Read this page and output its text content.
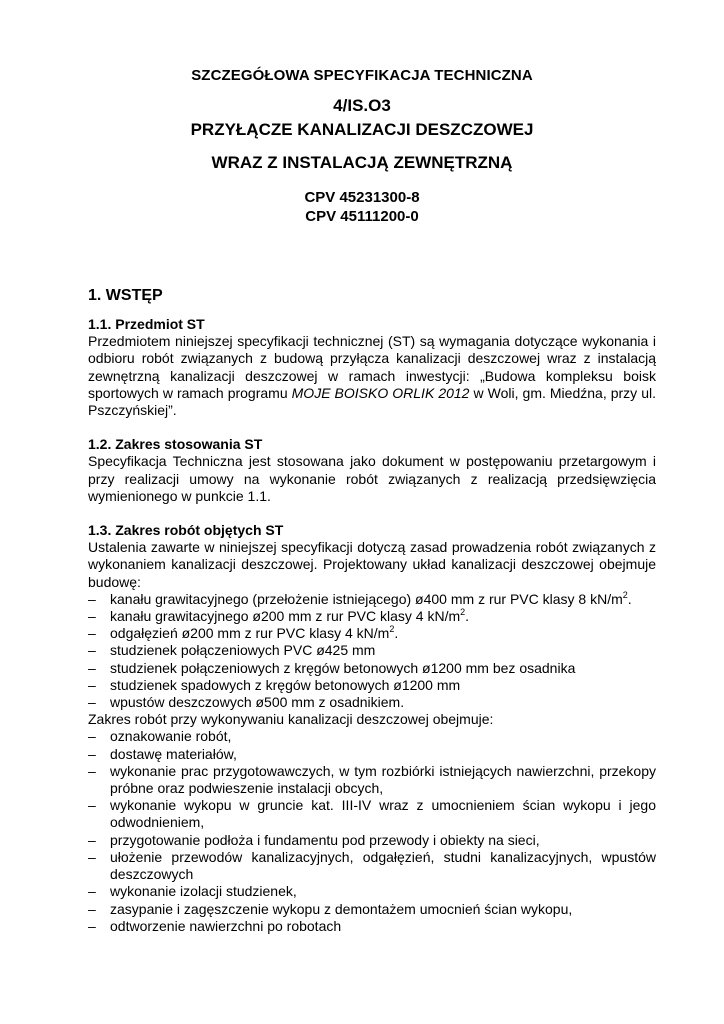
SZCZEGÓŁOWA SPECYFIKACJA TECHNICZNA
4/IS.O3
PRZYŁĄCZE KANALIZACJI DESZCZOWEJ
WRAZ Z INSTALACJĄ ZEWNĘTRZNĄ
CPV 45231300-8
CPV 45111200-0
1. WSTĘP
1.1. Przedmiot ST

Przedmiotem niniejszej specyfikacji technicznej (ST) są wymagania dotyczące wykonania i odbioru robót związanych z budową przyłącza kanalizacji deszczowej wraz z instalacją zewnętrzną kanalizacji deszczowej w ramach inwestycji: „Budowa kompleksu boisk sportowych w ramach programu MOJE BOISKO ORLIK 2012 w Woli, gm. Miedźna, przy ul. Pszczyńskiej”.

1.2. Zakres stosowania ST

Specyfikacja Techniczna jest stosowana jako dokument w postępowaniu przetargowym i przy realizacji umowy na wykonanie robót związanych z realizacją przedsięwzięcia wymienionego w punkcie 1.1.

1.3. Zakres robót objętych ST

Ustalenia zawarte w niniejszej specyfikacji dotyczą zasad prowadzenia robót związanych z wykonaniem kanalizacji deszczowej. Projektowany układ kanalizacji deszczowej obejmuje budowę:

– kanału grawitacyjnego (przełożenie istniejącego) ø400 mm z rur PVC klasy 8 $kN/m^2$.
– kanału grawitacyjnego ø200 mm z rur PVC klasy 4 $kN/m^2$.
– odgałęzień ø200 mm z rur PVC klasy 4 $kN/m^2$.
– studzienek połączeniowych PVC ø425 mm
– studzienek połączeniowych z kręgów betonowych ø1200 mm bez osadnika
– studzienek spadowych z kręgów betonowych ø1200 mm
– wpustów deszczowych ø500 mm z osadnikiem.

Zakres robót przy wykonywaniu kanalizacji deszczowej obejmuje:

– oznakowanie robót,
– dostawę materiałów,
– wykonanie prac przygotowawczych, w tym rozbiórki istniejących nawierzchni, przekopy próbne oraz podwieszenie instalacji obcych,
– wykonanie wykopu w gruncie kat. III-IV wraz z umocnieniem ścian wykopu i jego odwodnieniem,
– przygotowanie podłoża i fundamentu pod przewody i obiekty na sieci,
– ułożenie przewodów kanalizacyjnych, odgałęzień, studni kanalizacyjnych, wpustów deszczowych
– wykonanie izolacji studzienek,
– zasypanie i zagęszczenie wykopu z demontażem umocnień ścian wykopu,
– odtworzenie nawierzchni po robotach
